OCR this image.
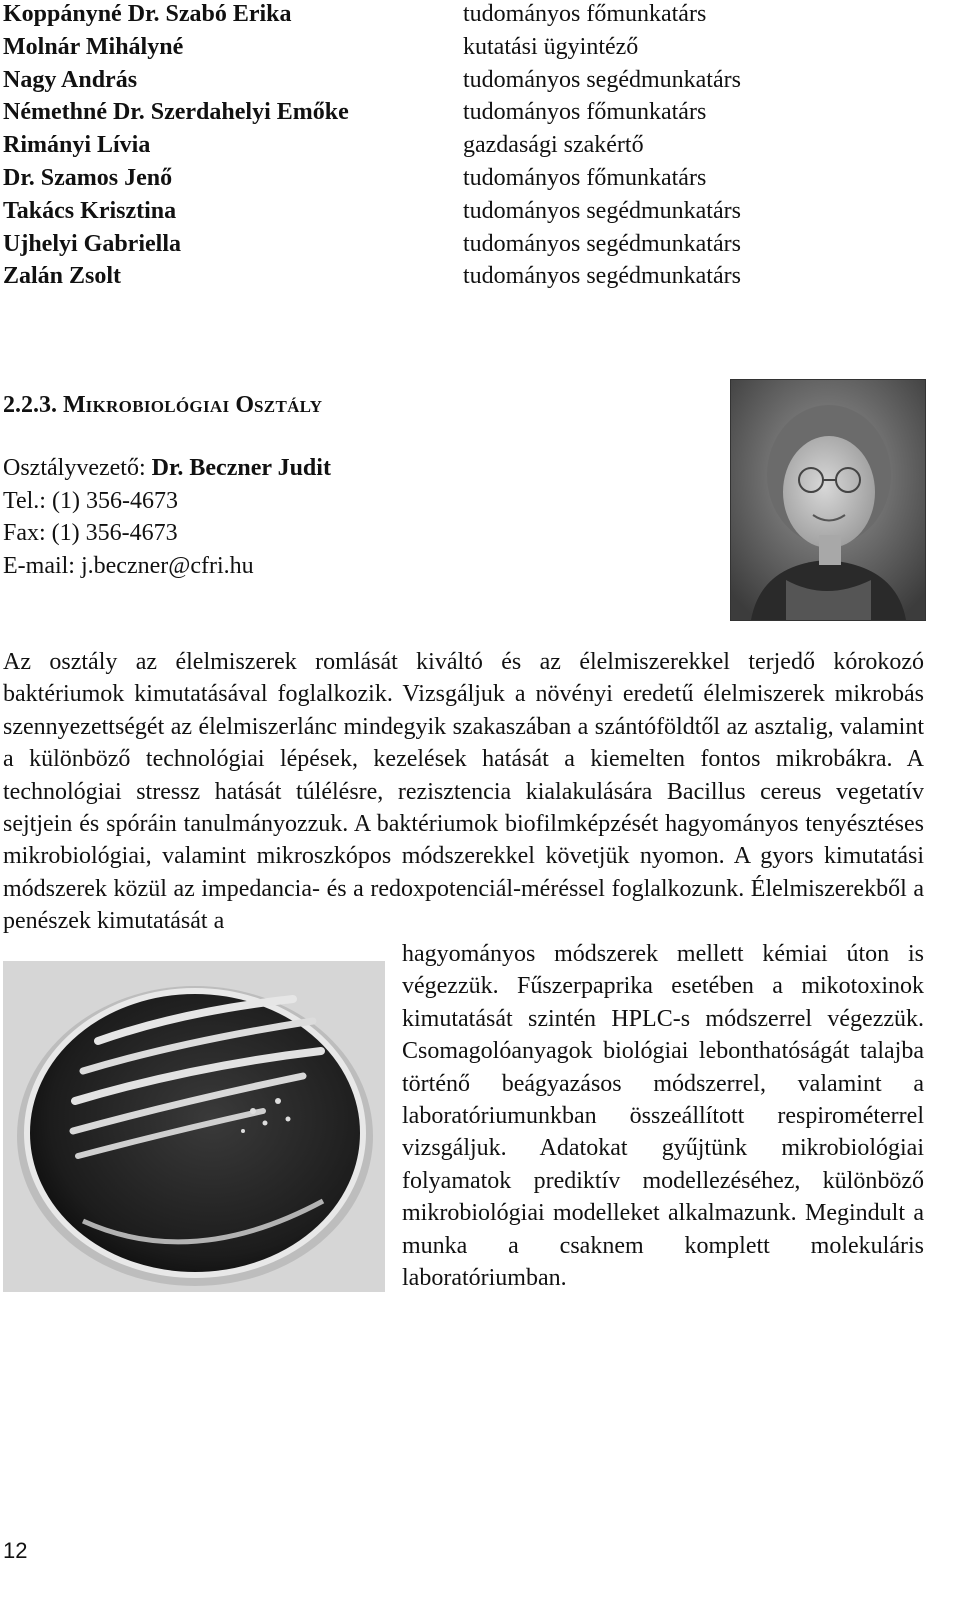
Koppányné Dr. Szabó Erika	tudományos főmunkatárs
Molnár Mihályné	kutatási ügyintéző
Nagy András	tudományos segédmunkatárs
Némethné Dr. Szerdahelyi Emőke	tudományos főmunkatárs
Rimányi Lívia	gazdasági szakértő
Dr. Szamos Jenő	tudományos főmunkatárs
Takács Krisztina	tudományos segédmunkatárs
Ujhelyi Gabriella	tudományos segédmunkatárs
Zalán Zsolt	tudományos segédmunkatárs
2.2.3. MIKROBIOLÓGIAI OSZTÁLY
Osztályvezető: Dr. Beczner Judit
Tel.: (1) 356-4673
Fax: (1) 356-4673
E-mail: j.beczner@cfri.hu
Az osztály az élelmiszerek romlását kiváltó és az élelmiszerekkel terjedő kórokozó baktériumok kimutatásával foglalkozik. Vizsgáljuk a növényi eredetű élelmiszerek mikrobás szennyezettségét az élelmiszerlánc mindegyik szakaszában a szántóföldtől az asztalig, valamint a különböző technológiai lépések, kezelések hatását a kiemelten fontos mikrobákra. A technológiai stressz hatását túlélésre, rezisztencia kialakulására Bacillus cereus vegetatív sejtjein és spóráin tanulmányozzuk. A baktériumok biofilmképzését hagyományos tenyésztéses mikrobiológiai, valamint mikroszkópos módszerekkel követjük nyomon. A gyors kimutatási módszerek közül az impedancia- és a redoxpotenciál-méréssel foglalkozunk. Élelmiszerekből a penészek kimutatását a
hagyományos módszerek mellett kémiai úton is végezzük. Fűszerpaprika esetében a mikotoxinok kimutatását szintén HPLC-s módszerrel végezzük. Csomagolóanyagok biológiai lebonthatóságát talajba történő beágyazásos módszerrel, valamint a laboratóriumunkban összeállított respirométerrel vizsgáljuk. Adatokat gyűjtünk mikrobiológiai folyamatok prediktív modellezéséhez, különböző mikrobiológiai modelleket alkalmazunk. Megindult a munka a csaknem komplett molekuláris laboratóriumban.
12
